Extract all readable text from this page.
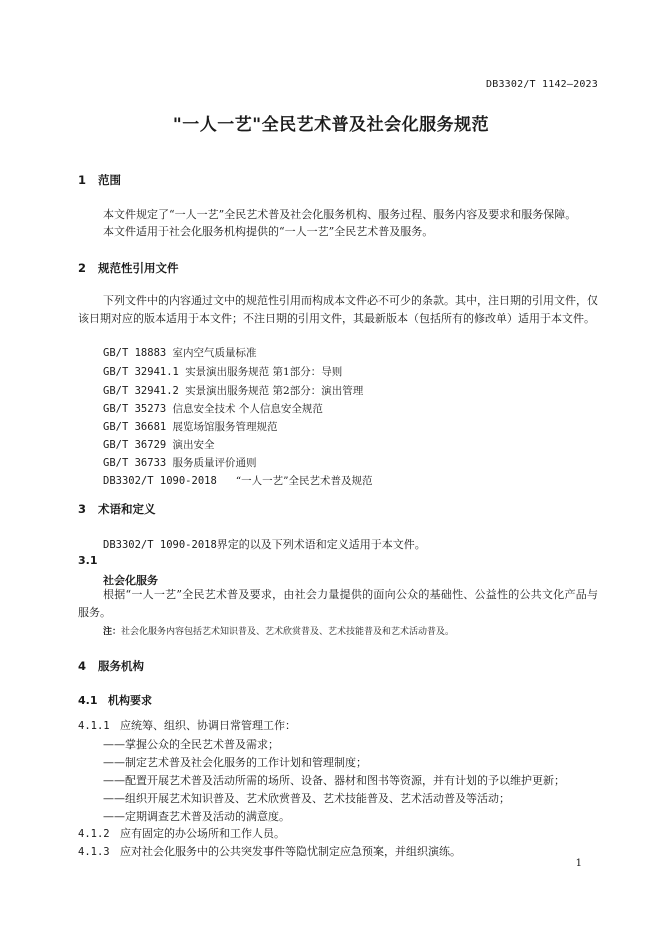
DB3302/T 1142—2023
"一人一艺"全民艺术普及社会化服务规范
1 范围
本文件规定了“一人一艺”全民艺术普及社会化服务机构、服务过程、服务内容及要求和服务保障。
本文件适用于社会化服务机构提供的“一人一艺”全民艺术普及服务。
2 规范性引用文件
下列文件中的内容通过文中的规范性引用而构成本文件必不可少的条款。其中，注日期的引用文件，仅该日期对应的版本适用于本文件；不注日期的引用文件，其最新版本（包括所有的修改单）适用于本文件。
GB/T 18883 室内空气质量标准
GB/T 32941.1 实景演出服务规范 第1部分：导则
GB/T 32941.2 实景演出服务规范 第2部分：演出管理
GB/T 35273 信息安全技术 个人信息安全规范
GB/T 36681 展览场馆服务管理规范
GB/T 36729 演出安全
GB/T 36733 服务质量评价通则
DB3302/T 1090-2018 “一人一艺”全民艺术普及规范
3 术语和定义
DB3302/T 1090-2018界定的以及下列术语和定义适用于本文件。
3.1
社会化服务
根据“一人一艺”全民艺术普及要求，由社会力量提供的面向公众的基础性、公益性的公共文化产品与服务。
注：社会化服务内容包括艺术知识普及、艺术欣赏普及、艺术技能普及和艺术活动普及。
4 服务机构
4.1 机构要求
4.1.1 应统筹、组织、协调日常管理工作：
——掌握公众的全民艺术普及需求；
——制定艺术普及社会化服务的工作计划和管理制度；
——配置开展艺术普及活动所需的场所、设备、器材和图书等资源，并有计划的予以维护更新；
——组织开展艺术知识普及、艺术欣赏普及、艺术技能普及、艺术活动普及等活动；
——定期调查艺术普及活动的满意度。
4.1.2 应有固定的办公场所和工作人员。
4.1.3 应对社会化服务中的公共突发事件等隐忧制定应急预案，并组织演练。
1
